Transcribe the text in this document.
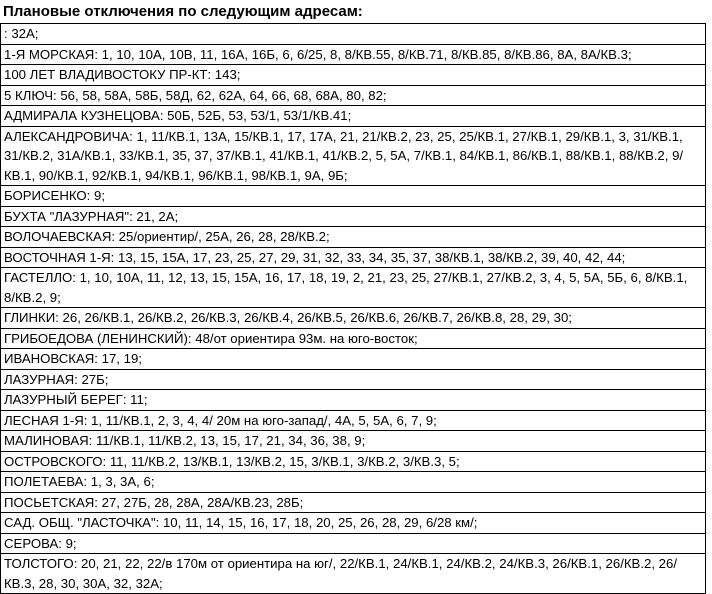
Плановые отключения по следующим адресам:
: 32А;
1-Я МОРСКАЯ: 1, 10, 10А, 10В, 11, 16А, 16Б, 6, 6/25, 8, 8/КВ.55, 8/КВ.71, 8/КВ.85, 8/КВ.86, 8А, 8А/КВ.3;
100 ЛЕТ ВЛАДИВОСТОКУ ПР-КТ: 143;
5 КЛЮЧ: 56, 58, 58А, 58Б, 58Д, 62, 62А, 64, 66, 68, 68А, 80, 82;
АДМИРАЛА КУЗНЕЦОВА: 50Б, 52Б, 53, 53/1, 53/1/КВ.41;
АЛЕКСАНДРОВИЧА: 1, 11/КВ.1, 13А, 15/КВ.1, 17, 17А, 21, 21/КВ.2, 23, 25, 25/КВ.1, 27/КВ.1, 29/КВ.1, 3, 31/КВ.1, 31/КВ.2, 31А/КВ.1, 33/КВ.1, 35, 37, 37/КВ.1, 41/КВ.1, 41/КВ.2, 5, 5А, 7/КВ.1, 84/КВ.1, 86/КВ.1, 88/КВ.1, 88/КВ.2, 9/КВ.1, 90/КВ.1, 92/КВ.1, 94/КВ.1, 96/КВ.1, 98/КВ.1, 9А, 9Б;
БОРИСЕНКО: 9;
БУХТА "ЛАЗУРНАЯ": 21, 2А;
ВОЛОЧАЕВСКАЯ: 25/ориентир/, 25А, 26, 28, 28/КВ.2;
ВОСТОЧНАЯ 1-Я: 13, 15, 15А, 17, 23, 25, 27, 29, 31, 32, 33, 34, 35, 37, 38/КВ.1, 38/КВ.2, 39, 40, 42, 44;
ГАСТЕЛЛО: 1, 10, 10А, 11, 12, 13, 15, 15А, 16, 17, 18, 19, 2, 21, 23, 25, 27/КВ.1, 27/КВ.2, 3, 4, 5, 5А, 5Б, 6, 8/КВ.1, 8/КВ.2, 9;
ГЛИНКИ: 26, 26/КВ.1, 26/КВ.2, 26/КВ.3, 26/КВ.4, 26/КВ.5, 26/КВ.6, 26/КВ.7, 26/КВ.8, 28, 29, 30;
ГРИБОЕДОВА (ЛЕНИНСКИЙ): 48/от ориентира 93м. на юго-восток;
ИВАНОВСКАЯ: 17, 19;
ЛАЗУРНАЯ: 27Б;
ЛАЗУРНЫЙ БЕРЕГ: 11;
ЛЕСНАЯ 1-Я: 1, 11/КВ.1, 2, 3, 4, 4/ 20м на юго-запад/, 4А, 5, 5А, 6, 7, 9;
МАЛИНОВАЯ: 11/КВ.1, 11/КВ.2, 13, 15, 17, 21, 34, 36, 38, 9;
ОСТРОВСКОГО: 11, 11/КВ.2, 13/КВ.1, 13/КВ.2, 15, 3/КВ.1, 3/КВ.2, 3/КВ.3, 5;
ПОЛЕТАЕВА: 1, 3, 3А, 6;
ПОСЬЕТСКАЯ: 27, 27Б, 28, 28А, 28А/КВ.23, 28Б;
САД. ОБЩ. "ЛАСТОЧКА": 10, 11, 14, 15, 16, 17, 18, 20, 25, 26, 28, 29, 6/28 км/;
СЕРОВА: 9;
ТОЛСТОГО: 20, 21, 22, 22/в 170м от ориентира на юг/, 22/КВ.1, 24/КВ.1, 24/КВ.2, 24/КВ.3, 26/КВ.1, 26/КВ.2, 26/КВ.3, 28, 30, 30А, 32, 32А;
